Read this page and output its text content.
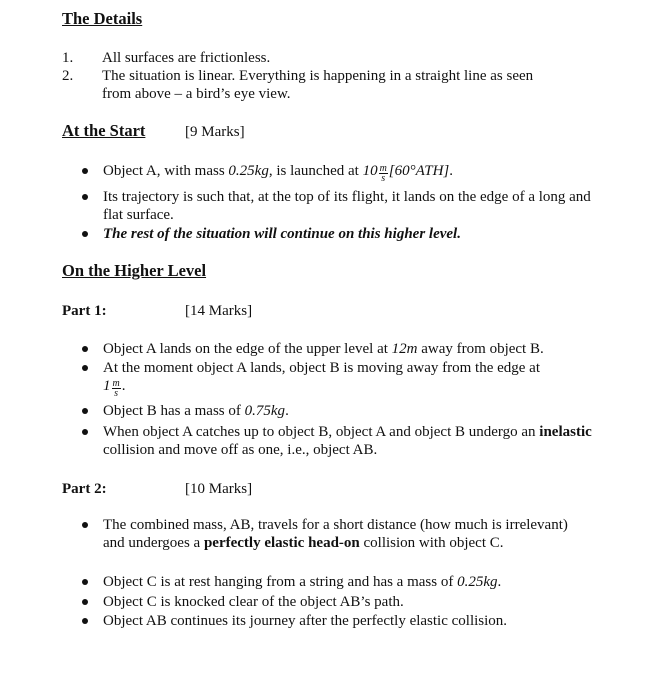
The Details
1. All surfaces are frictionless.
2. The situation is linear. Everything is happening in a straight line as seen
from above – a bird’s eye view.
At the Start	[9 Marks]
Object A, with mass 0.25kg, is launched at $10 \frac{m}{s} [60^\circ ATH]$.
Its trajectory is such that, at the top of its flight, it lands on the edge of a long and flat surface.
The rest of the situation will continue on this higher level.
On the Higher Level
Part 1:	[14 Marks]
Object A lands on the edge of the upper level at 12m away from object B.
At the moment object A lands, object B is moving away from the edge at
$1 \frac{m}{s}$ .
Object B has a mass of 0.75kg.
When object A catches up to object B, object A and object B undergo an inelastic collision and move off as one, i.e., object AB.
Part 2:	[10 Marks]
The combined mass, AB, travels for a short distance (how much is irrelevant) and undergoes a perfectly elastic head-on collision with object C.
Object C is at rest hanging from a string and has a mass of 0.25kg.
Object C is knocked clear of the object AB’s path.
Object AB continues its journey after the perfectly elastic collision.
